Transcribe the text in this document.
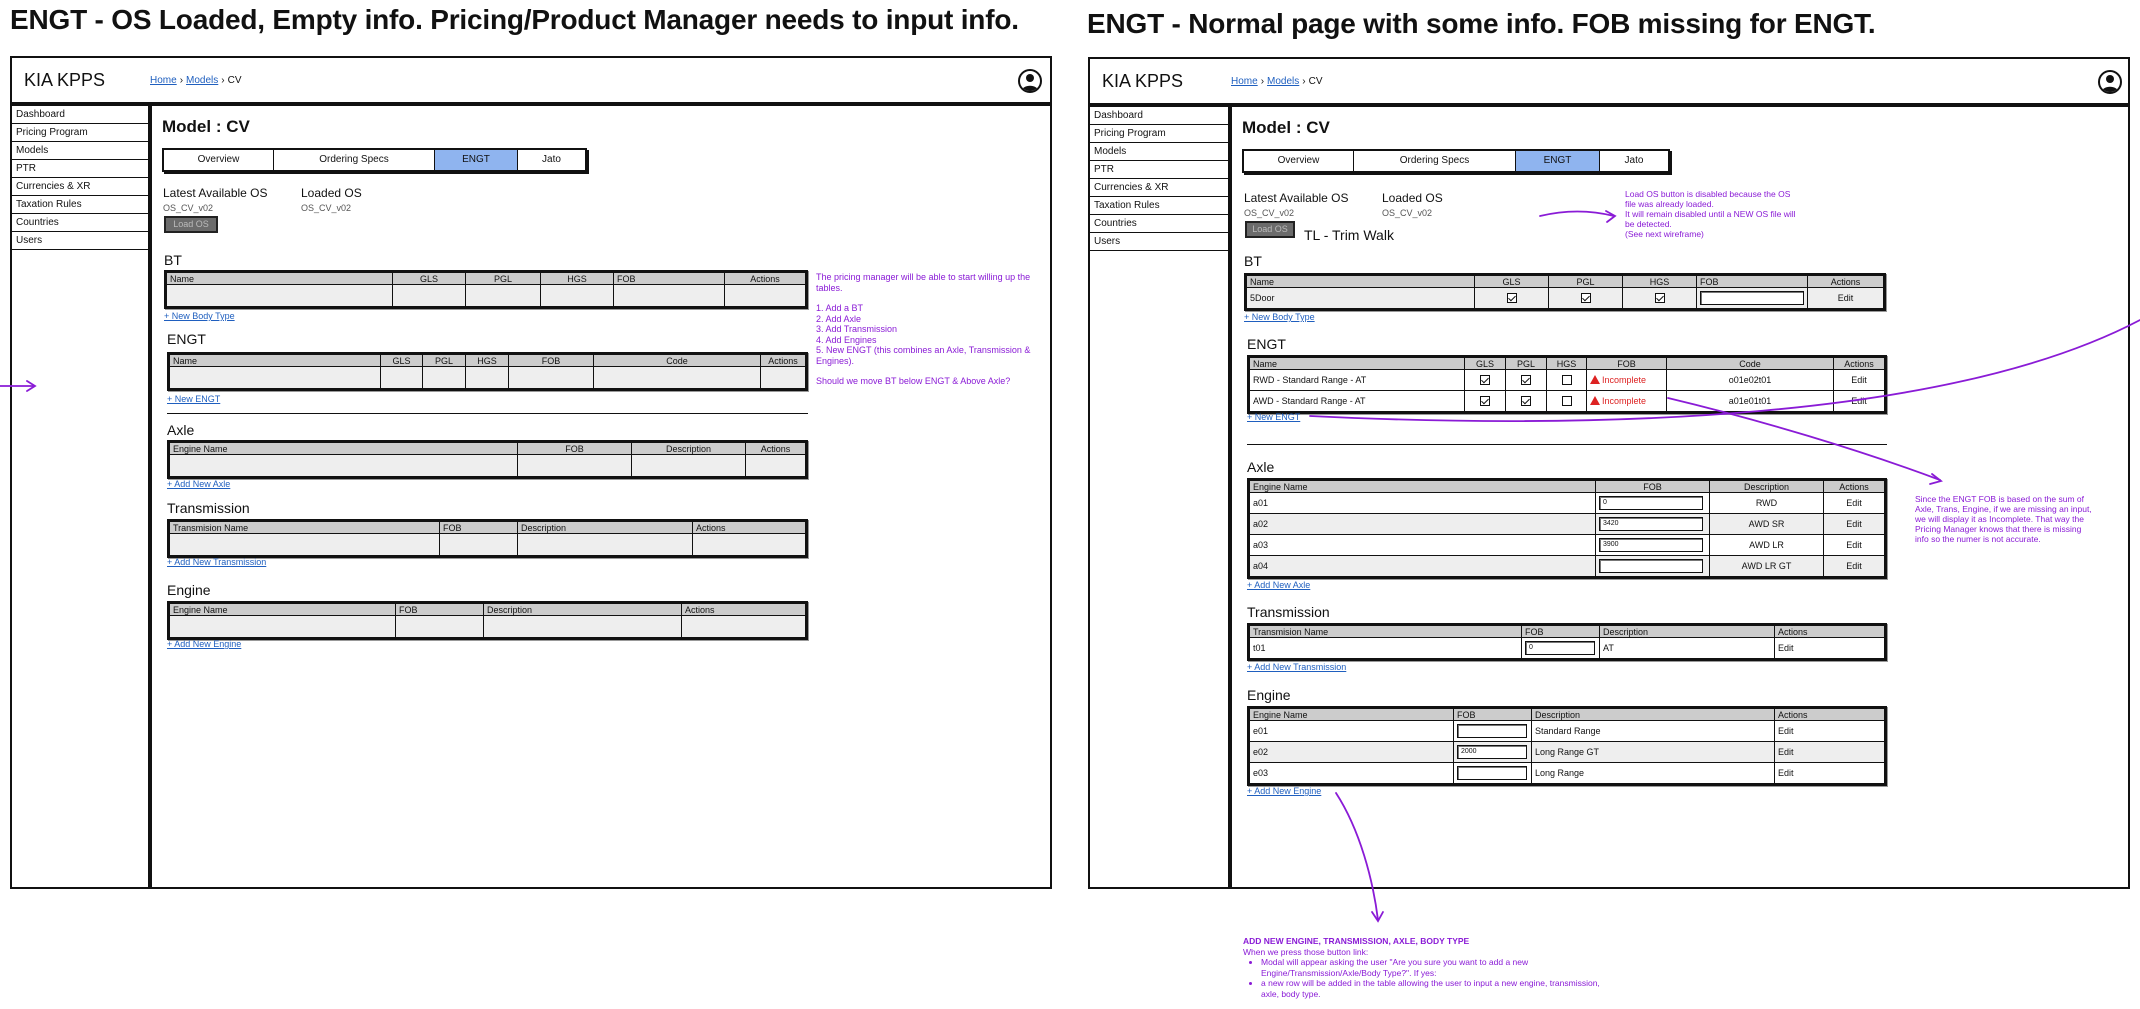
ENGT - OS Loaded, Empty info. Pricing/Product Manager needs to input info. ENGT - Normal page with some info. FOB missing for ENGT.
KIA KPPS	Home › Models › CV
Dashboard
Pricing Program
Models
PTR
Currencies & XR
Taxation Rules
Countries
Users
Model : CV
Overview	Ordering Specs	ENGT	Jato
Latest Available OS
OS_CV_v02
Load OS
Loaded OS
OS_CV_v02
BT
Name	GLS	PGL	HGS	FOB	Actions

+ New Body Type
ENGT
Name	GLS	PGL	HGS	FOB	Code	Actions

+ New ENGT
Axle
Engine Name	FOB	Description	Actions

+ Add New Axle
Transmission
Transmision Name	FOB	Description	Actions

+ Add New Transmission
Engine
Engine Name	FOB	Description	Actions

+ Add New Engine

The pricing manager will be able to start willing up the tables.

1. Add a BT

2. Add Axle

3. Add Transmission

4. Add Engines

5. New ENGT (this combines an Axle, Transmission & Engines).

Should we move BT below ENGT & Above Axle?

KIA KPPS	Home › Models › CV
Dashboard
Pricing Program
Models
PTR
Currencies & XR
Taxation Rules
Countries
Users
Model : CV
Overview	Ordering Specs	ENGT	Jato
Latest Available OS
OS_CV_v02
Load OS	TL - Trim Walk
Loaded OS
OS_CV_v02

Load OS button is disabled because the OS

file was already loaded.

It will remain disabled until a NEW OS file will

be detected.

(See next wireframe)

BT
Name	GLS	PGL	HGS	FOB	Actions
5Door					Edit
+ New Body Type
ENGT
Name	GLS	PGL	HGS	FOB	Code	Actions
RWD - Standard Range - AT				Incomplete	o01e02t01	Edit
AWD - Standard Range - AT				Incomplete	a01e01t01	Edit
+ New ENGT
Axle
Engine Name	FOB	Description	Actions
a01	0	RWD	Edit
a02	3420	AWD SR	Edit
a03	3900	AWD LR	Edit
a04		AWD LR GT	Edit
+ Add New Axle
Transmission
Transmision Name	FOB	Description	Actions
t01	0	AT	Edit
+ Add New Transmission
Engine
Engine Name	FOB	Description	Actions
e01		Standard Range	Edit
e02	2000	Long Range GT	Edit
e03		Long Range	Edit
+ Add New Engine

Since the ENGT FOB is based on the sum of

Axle, Trans, Engine, if we are missing an input,

we will display it as Incomplete. That way the

Pricing Manager knows that there is missing

info so the numer is not accurate.

ADD NEW ENGINE, TRANSMISSION, AXLE, BODY TYPE

When we press those button link:

• Modal will appear asking the user "Are you sure you want to add a new Engine/Transmission/Axle/Body Type?". If yes:
• a new row will be added in the table allowing the user to input a new engine, transmission, axle, body type.
